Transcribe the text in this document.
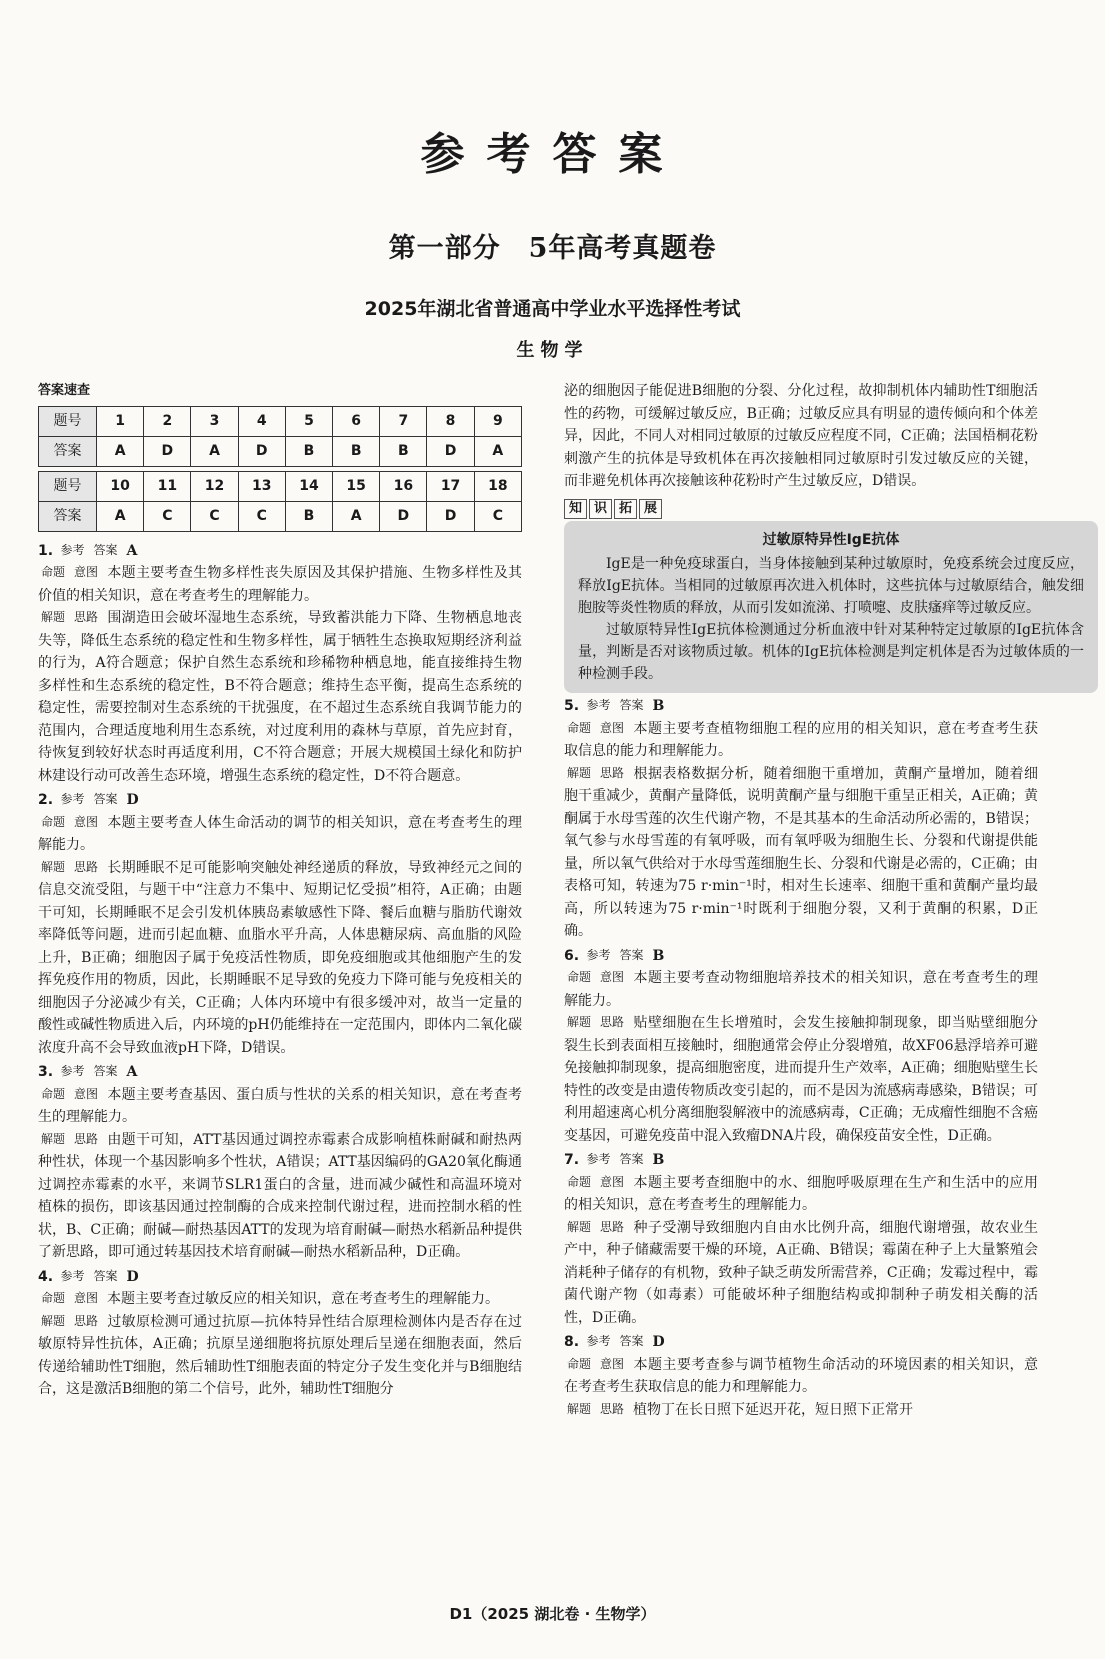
参考答案
第一部分　5年高考真题卷
2025年湖北省普通高中学业水平选择性考试
生物学
答案速查
题号	1	2	3	4	5	6	7	8	9
答案	A	D	A	D	B	B	B	D	A

题号	10	11	12	13	14	15	16	17	18
答案	A	C	C	C	B	A	D	D	C

1. 参考 答案 A

命题 意图 本题主要考查生物多样性丧失原因及其保护措施、生物多样性及其价值的相关知识，意在考查考生的理解能力。

解题 思路 围湖造田会破坏湿地生态系统，导致蓄洪能力下降、生物栖息地丧失等，降低生态系统的稳定性和生物多样性，属于牺牲生态换取短期经济利益的行为，A符合题意；保护自然生态系统和珍稀物种栖息地，能直接维持生物多样性和生态系统的稳定性，B不符合题意；维持生态平衡，提高生态系统的稳定性，需要控制对生态系统的干扰强度，在不超过生态系统自我调节能力的范围内，合理适度地利用生态系统，对过度利用的森林与草原，首先应封育，待恢复到较好状态时再适度利用，C不符合题意；开展大规模国土绿化和防护林建设行动可改善生态环境，增强生态系统的稳定性，D不符合题意。

2. 参考 答案 D

命题 意图 本题主要考查人体生命活动的调节的相关知识，意在考查考生的理解能力。

解题 思路 长期睡眠不足可能影响突触处神经递质的释放，导致神经元之间的信息交流受阻，与题干中“注意力不集中、短期记忆受损”相符，A正确；由题干可知，长期睡眠不足会引发机体胰岛素敏感性下降、餐后血糖与脂肪代谢效率降低等问题，进而引起血糖、血脂水平升高，人体患糖尿病、高血脂的风险上升，B正确；细胞因子属于免疫活性物质，即免疫细胞或其他细胞产生的发挥免疫作用的物质，因此，长期睡眠不足导致的免疫力下降可能与免疫相关的细胞因子分泌减少有关，C正确；人体内环境中有很多缓冲对，故当一定量的酸性或碱性物质进入后，内环境的pH仍能维持在一定范围内，即体内二氧化碳浓度升高不会导致血液pH下降，D错误。

3. 参考 答案 A

命题 意图 本题主要考查基因、蛋白质与性状的关系的相关知识，意在考查考生的理解能力。

解题 思路 由题干可知，ATT基因通过调控赤霉素合成影响植株耐碱和耐热两种性状，体现一个基因影响多个性状，A错误；ATT基因编码的GA20氧化酶通过调控赤霉素的水平，来调节SLR1蛋白的含量，进而减少碱性和高温环境对植株的损伤，即该基因通过控制酶的合成来控制代谢过程，进而控制水稻的性状，B、C正确；耐碱—耐热基因ATT的发现为培育耐碱—耐热水稻新品种提供了新思路，即可通过转基因技术培育耐碱—耐热水稻新品种，D正确。

4. 参考 答案 D

命题 意图 本题主要考查过敏反应的相关知识，意在考查考生的理解能力。

解题 思路 过敏原检测可通过抗原—抗体特异性结合原理检测体内是否存在过敏原特异性抗体，A正确；抗原呈递细胞将抗原处理后呈递在细胞表面，然后传递给辅助性T细胞，然后辅助性T细胞表面的特定分子发生变化并与B细胞结合，这是激活B细胞的第二个信号，此外，辅助性T细胞分

泌的细胞因子能促进B细胞的分裂、分化过程，故抑制机体内辅助性T细胞活性的药物，可缓解过敏反应，B正确；过敏反应具有明显的遗传倾向和个体差异，因此，不同人对相同过敏原的过敏反应程度不同，C正确；法国梧桐花粉刺激产生的抗体是导致机体在再次接触相同过敏原时引发过敏反应的关键，而非避免机体再次接触该种花粉时产生过敏反应，D错误。

知 识 拓 展
过敏原特异性IgE抗体

IgE是一种免疫球蛋白，当身体接触到某种过敏原时，免疫系统会过度反应，释放IgE抗体。当相同的过敏原再次进入机体时，这些抗体与过敏原结合，触发细胞胺等炎性物质的释放，从而引发如流涕、打喷嚏、皮肤瘙痒等过敏反应。

过敏原特异性IgE抗体检测通过分析血液中针对某种特定过敏原的IgE抗体含量，判断是否对该物质过敏。机体的IgE抗体检测是判定机体是否为过敏体质的一种检测手段。

5. 参考 答案 B

命题 意图 本题主要考查植物细胞工程的应用的相关知识，意在考查考生获取信息的能力和理解能力。

解题 思路 根据表格数据分析，随着细胞干重增加，黄酮产量增加，随着细胞干重减少，黄酮产量降低，说明黄酮产量与细胞干重呈正相关，A正确；黄酮属于水母雪莲的次生代谢产物，不是其基本的生命活动所必需的，B错误；氧气参与水母雪莲的有氧呼吸，而有氧呼吸为细胞生长、分裂和代谢提供能量，所以氧气供给对于水母雪莲细胞生长、分裂和代谢是必需的，C正确；由表格可知，转速为75 r·min⁻¹时，相对生长速率、细胞干重和黄酮产量均最高，所以转速为75 r·min⁻¹时既利于细胞分裂，又利于黄酮的积累，D正确。

6. 参考 答案 B

命题 意图 本题主要考查动物细胞培养技术的相关知识，意在考查考生的理解能力。

解题 思路 贴壁细胞在生长增殖时，会发生接触抑制现象，即当贴壁细胞分裂生长到表面相互接触时，细胞通常会停止分裂增殖，故XF06悬浮培养可避免接触抑制现象，提高细胞密度，进而提升生产效率，A正确；细胞贴壁生长特性的改变是由遗传物质改变引起的，而不是因为流感病毒感染，B错误；可利用超速离心机分离细胞裂解液中的流感病毒，C正确；无成瘤性细胞不含癌变基因，可避免疫苗中混入致瘤DNA片段，确保疫苗安全性，D正确。

7. 参考 答案 B

命题 意图 本题主要考查细胞中的水、细胞呼吸原理在生产和生活中的应用的相关知识，意在考查考生的理解能力。

解题 思路 种子受潮导致细胞内自由水比例升高，细胞代谢增强，故农业生产中，种子储藏需要干燥的环境，A正确、B错误；霉菌在种子上大量繁殖会消耗种子储存的有机物，致种子缺乏萌发所需营养，C正确；发霉过程中，霉菌代谢产物（如毒素）可能破坏种子细胞结构或抑制种子萌发相关酶的活性，D正确。

8. 参考 答案 D

命题 意图 本题主要考查参与调节植物生命活动的环境因素的相关知识，意在考查考生获取信息的能力和理解能力。

解题 思路 植物丁在长日照下延迟开花，短日照下正常开

D1（2025 湖北卷 · 生物学）
